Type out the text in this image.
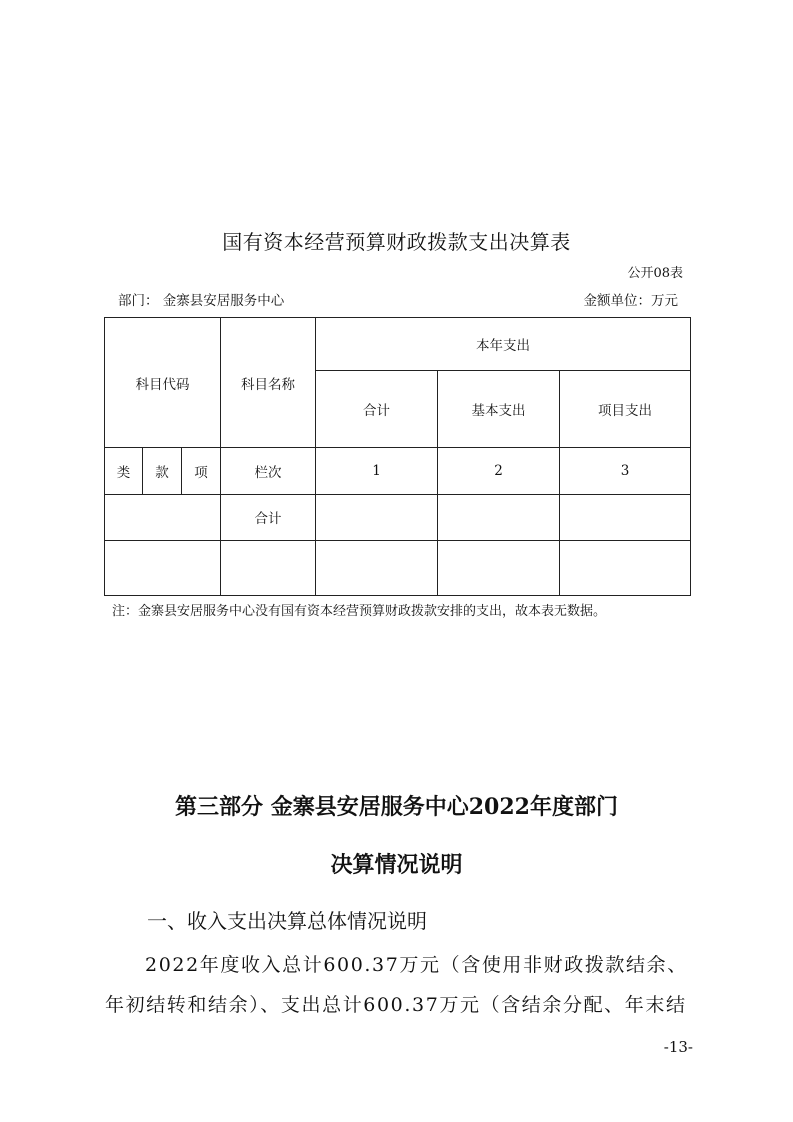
国有资本经营预算财政拨款支出决算表
公开08表
部门： 金寨县安居服务中心	金额单位：万元
科目代码			科目名称	本年支出		
				合计	基本支出	项目支出
类	款	项	栏次	1	2	3
			合计			

注：金寨县安居服务中心没有国有资本经营预算财政拨款安排的支出，故本表无数据。
第三部分 金寨县安居服务中心2022年度部门
决算情况说明
一、收入支出决算总体情况说明
2022年度收入总计600.37万元（含使用非财政拨款结余、年初结转和结余）、支出总计600.37万元（含结余分配、年末结
-13-
